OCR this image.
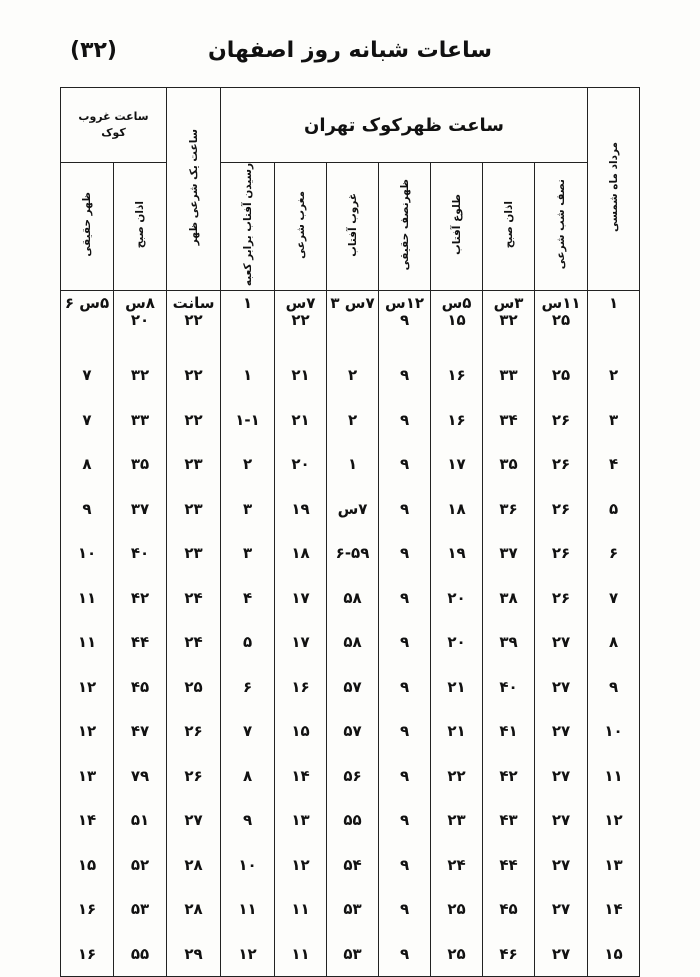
ساعات شبانه روز اصفهان
(۳۲)
مرداد ماه شمسی	ساعت ظهرکوک تهران							ساعت یک شرعی ظهر	ساعت غروب کوک	
	نصف شب شرعی	اذان صبح	طلوع آفتاب	ظهرنصف حقیقی	غروب آفتاب	مغرب شرعی	رسیدن آفتاب برابر کعبه		اذان صبح	ظهر حقیقی
۱	۱۱س ۲۵	۳س ۳۲	۵س ۱۵	۱۲س ۹	۷س ۳	۷س ۲۲	۱	سانت ۲۲	۸س ۲۰	۵س ۶
۲	۲۵	۳۳	۱۶	۹	۲	۲۱	۱	۲۲	۳۲	۷
۳	۲۶	۳۴	۱۶	۹	۲	۲۱	۱-۱	۲۲	۳۳	۷
۴	۲۶	۳۵	۱۷	۹	۱	۲۰	۲	۲۳	۳۵	۸
۵	۲۶	۳۶	۱۸	۹	۷س	۱۹	۳	۲۳	۳۷	۹
۶	۲۶	۳۷	۱۹	۹	۶-۵۹	۱۸	۳	۲۳	۴۰	۱۰
۷	۲۶	۳۸	۲۰	۹	۵۸	۱۷	۴	۲۴	۴۲	۱۱
۸	۲۷	۳۹	۲۰	۹	۵۸	۱۷	۵	۲۴	۴۴	۱۱
۹	۲۷	۴۰	۲۱	۹	۵۷	۱۶	۶	۲۵	۴۵	۱۲
۱۰	۲۷	۴۱	۲۱	۹	۵۷	۱۵	۷	۲۶	۴۷	۱۲
۱۱	۲۷	۴۲	۲۲	۹	۵۶	۱۴	۸	۲۶	۷۹	۱۳
۱۲	۲۷	۴۳	۲۳	۹	۵۵	۱۳	۹	۲۷	۵۱	۱۴
۱۳	۲۷	۴۴	۲۴	۹	۵۴	۱۲	۱۰	۲۸	۵۲	۱۵
۱۴	۲۷	۴۵	۲۵	۹	۵۳	۱۱	۱۱	۲۸	۵۳	۱۶
۱۵	۲۷	۴۶	۲۵	۹	۵۳	۱۱	۱۲	۲۹	۵۵	۱۶
